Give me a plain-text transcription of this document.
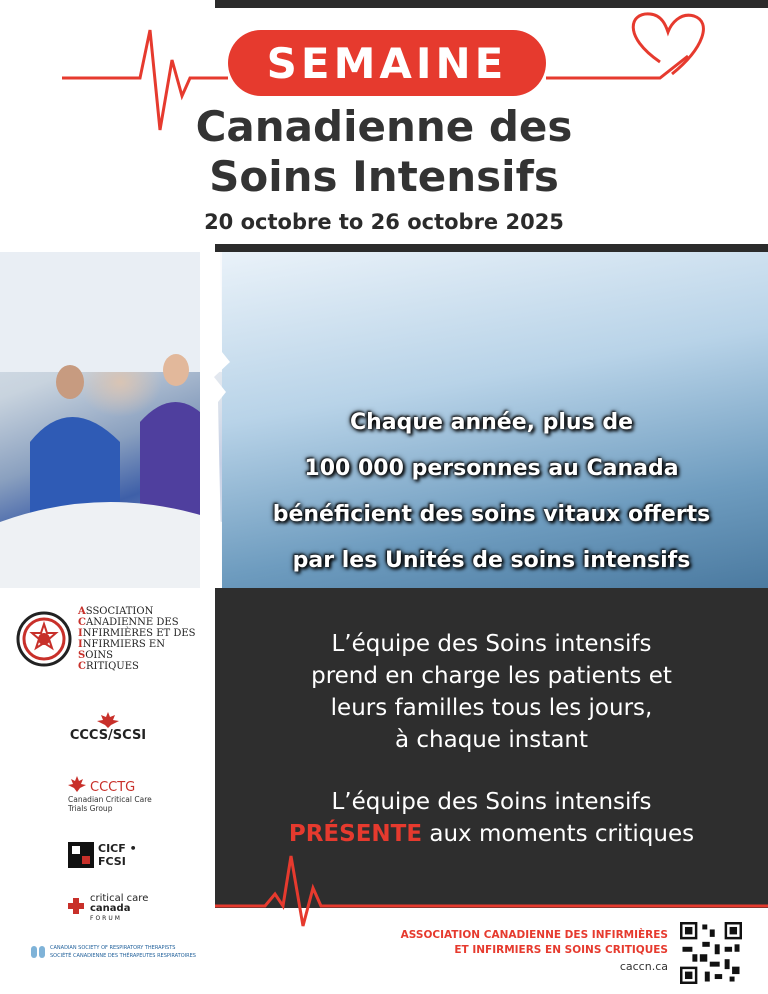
SEMAINE
Canadienne des
Soins Intensifs
20 octobre to 26 octobre 2025
Chaque année, plus de
100 000 personnes au Canada
bénéficient des soins vitaux offerts
par les Unités de soins intensifs
L’équipe des Soins intensifs
prend en charge les patients et
leurs familles tous les jours,
à chaque instant
L’équipe des Soins intensifs
PRÉSENTE aux moments critiques
ASSOCIATION CANADIENNE DES INFIRMIÈRES
ET INFIRMIERS EN SOINS CRITIQUES
caccn.ca
ASSOCIATION
CANADIENNE DES
INFIRMIÈRES ET DES
INFIRMIERS EN
SOINS
CRITIQUES
CCCS/SCSI
CCCTG
Canadian Critical Care
Trials Group
CICF • FCSI
critical care
canada
FORUM
CANADIAN SOCIETY OF RESPIRATORY THERAPISTS
SOCIÉTÉ CANADIENNE DES THÉRAPEUTES RESPIRATOIRES
